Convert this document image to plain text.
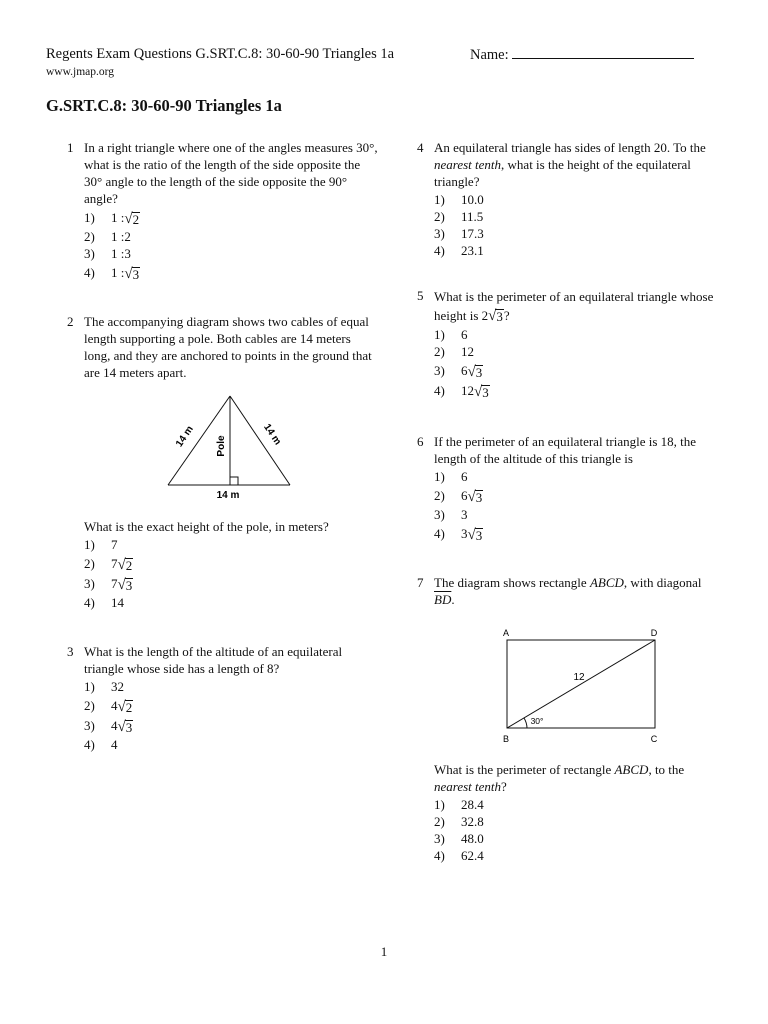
Regents Exam Questions G.SRT.C.8: 30-60-90 Triangles 1a	Name:
www.jmap.org
G.SRT.C.8: 30-60-90 Triangles 1a
1 In a right triangle where one of the angles measures 30°, what is the ratio of the length of the side opposite the 30° angle to the length of the side opposite the 90° angle?
1)	1 : √ 2
2)	1 :2
3)	1 :3
4)	1 : √ 3
2 The accompanying diagram shows two cables of equal length supporting a pole. Both cables are 14 meters long, and they are anchored to points in the ground that are 14 meters apart.
14 m	14 m
Pole
14 m
What is the exact height of the pole, in meters?
1)	7
2)	7 √ 2
3)	7 √ 3
4)	14
3 What is the length of the altitude of an equilateral triangle whose side has a length of 8?
1)	32
2)	4 √ 2
3)	4 √ 3
4)	4
4 An equilateral triangle has sides of length 20. To the nearest tenth, what is the height of the equilateral triangle?
1)	10.0
2)	11.5
3)	17.3
4)	23.1
5 What is the perimeter of an equilateral triangle whose height is 2 √ 3 ?
1)	6
2)	12
3)	6 √ 3
4)	12 √ 3
6 If the perimeter of an equilateral triangle is 18, the length of the altitude of this triangle is
1)	6
2)	6 √ 3
3)	3
4)	3 √ 3
7 The diagram shows rectangle ABCD, with diagonal
$\overline{BD}$.
A	D
B	C
12
30°
What is the perimeter of rectangle ABCD, to the
nearest tenth?
1)	28.4
2)	32.8
3)	48.0
4)	62.4
1
